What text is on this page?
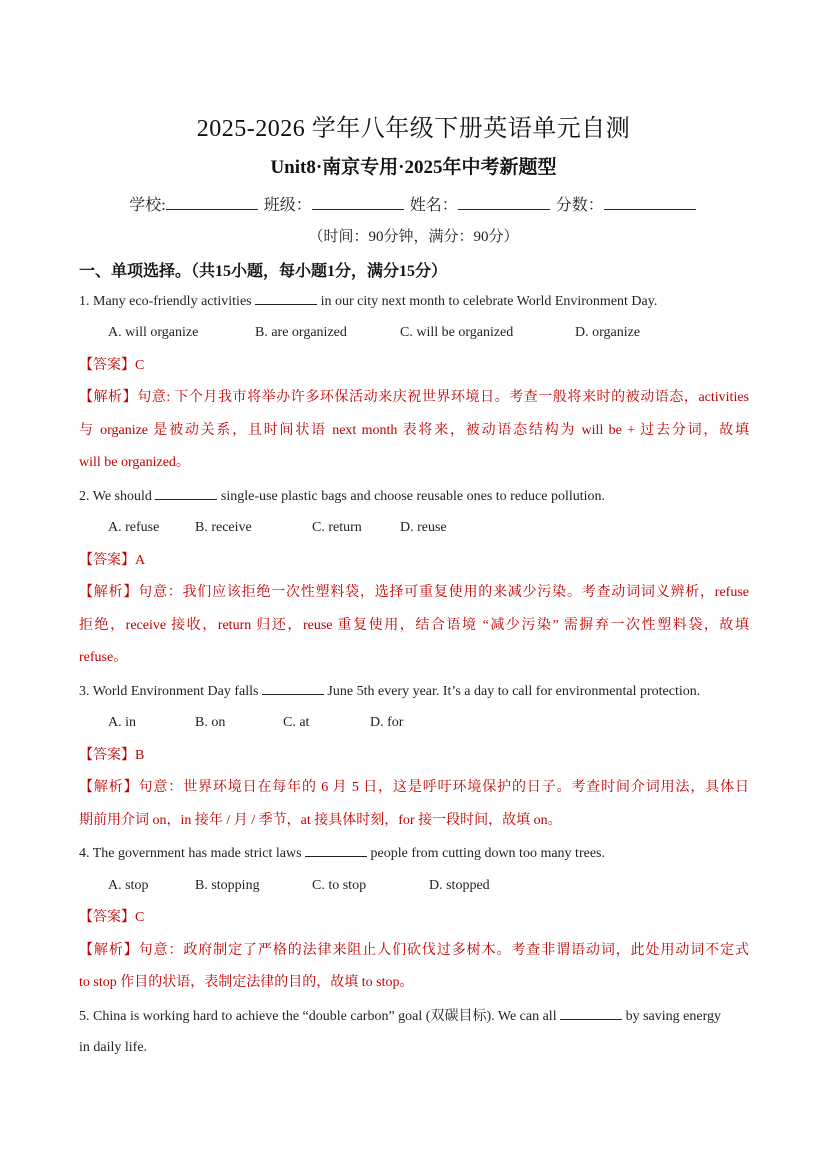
2025-2026 学年八年级下册英语单元自测
Unit8·南京专用·2025年中考新题型
学校:	班级：	姓名：	分数：
（时间：90分钟，满分：90分）
一、单项选择。（共15小题，每小题1分，满分15分）
1. Many eco-friendly activities	in our city next month to celebrate World Environment Day.
A. will organize	B. are organized	C. will be organized	D. organize
【答案】C
【解析】句意: 下个月我市将举办许多环保活动来庆祝世界环境日。考查一般将来时的被动语态，activities
与 organize 是被动关系，且时间状语 next month 表将来，被动语态结构为 will be + 过去分词，故填
will be organized。
2. We should	single-use plastic bags and choose reusable ones to reduce pollution.
A. refuse	B. receive	C. return	D. reuse
【答案】A
【解析】句意：我们应该拒绝一次性塑料袋，选择可重复使用的来减少污染。考查动词词义辨析，refuse
拒绝，receive 接收，return 归还，reuse 重复使用，结合语境 “减少污染” 需摒弃一次性塑料袋，故填
refuse。
3. World Environment Day falls	June 5th every year. It’s a day to call for environmental protection.
A. in	B. on	C. at	D. for
【答案】B
【解析】句意：世界环境日在每年的 6 月 5 日，这是呼吁环境保护的日子。考查时间介词用法，具体日
期前用介词 on，in 接年 / 月 / 季节，at 接具体时刻，for 接一段时间，故填 on。
4. The government has made strict laws	people from cutting down too many trees.
A. stop	B. stopping	C. to stop	D. stopped
【答案】C
【解析】句意：政府制定了严格的法律来阻止人们砍伐过多树木。考查非谓语动词，此处用动词不定式
to stop 作目的状语，表制定法律的目的，故填 to stop。
5. China is working hard to achieve the “double carbon” goal (双碳目标). We can all	by saving energy
in daily life.
